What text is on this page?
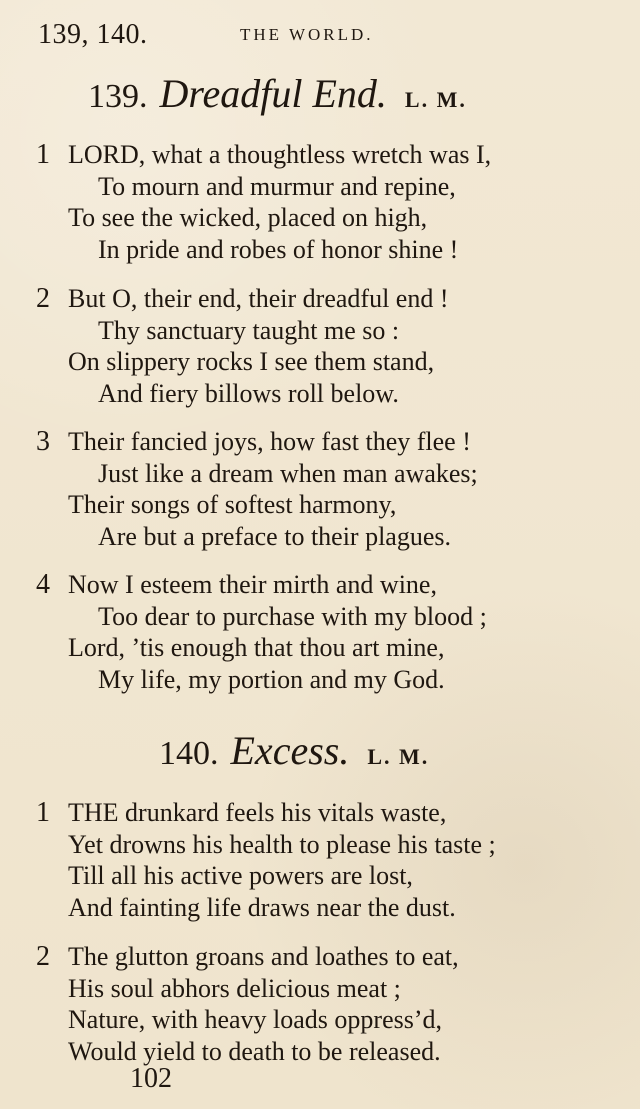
139, 140.	THE WORLD.
139. Dreadful End. L. M.
1 LORD, what a thoughtless wretch was I,
To mourn and murmur and repine,
To see the wicked, placed on high,
In pride and robes of honor shine !
2 But O, their end, their dreadful end !
Thy sanctuary taught me so :
On slippery rocks I see them stand,
And fiery billows roll below.
3 Their fancied joys, how fast they flee !
Just like a dream when man awakes;
Their songs of softest harmony,
Are but a preface to their plagues.
4 Now I esteem their mirth and wine,
Too dear to purchase with my blood ;
Lord, ’tis enough that thou art mine,
My life, my portion and my God.
140. Excess. L. M.
1 THE drunkard feels his vitals waste,
Yet drowns his health to please his taste ;
Till all his active powers are lost,
And fainting life draws near the dust.
2 The glutton groans and loathes to eat,
His soul abhors delicious meat ;
Nature, with heavy loads oppress’d,
Would yield to death to be released.
102
